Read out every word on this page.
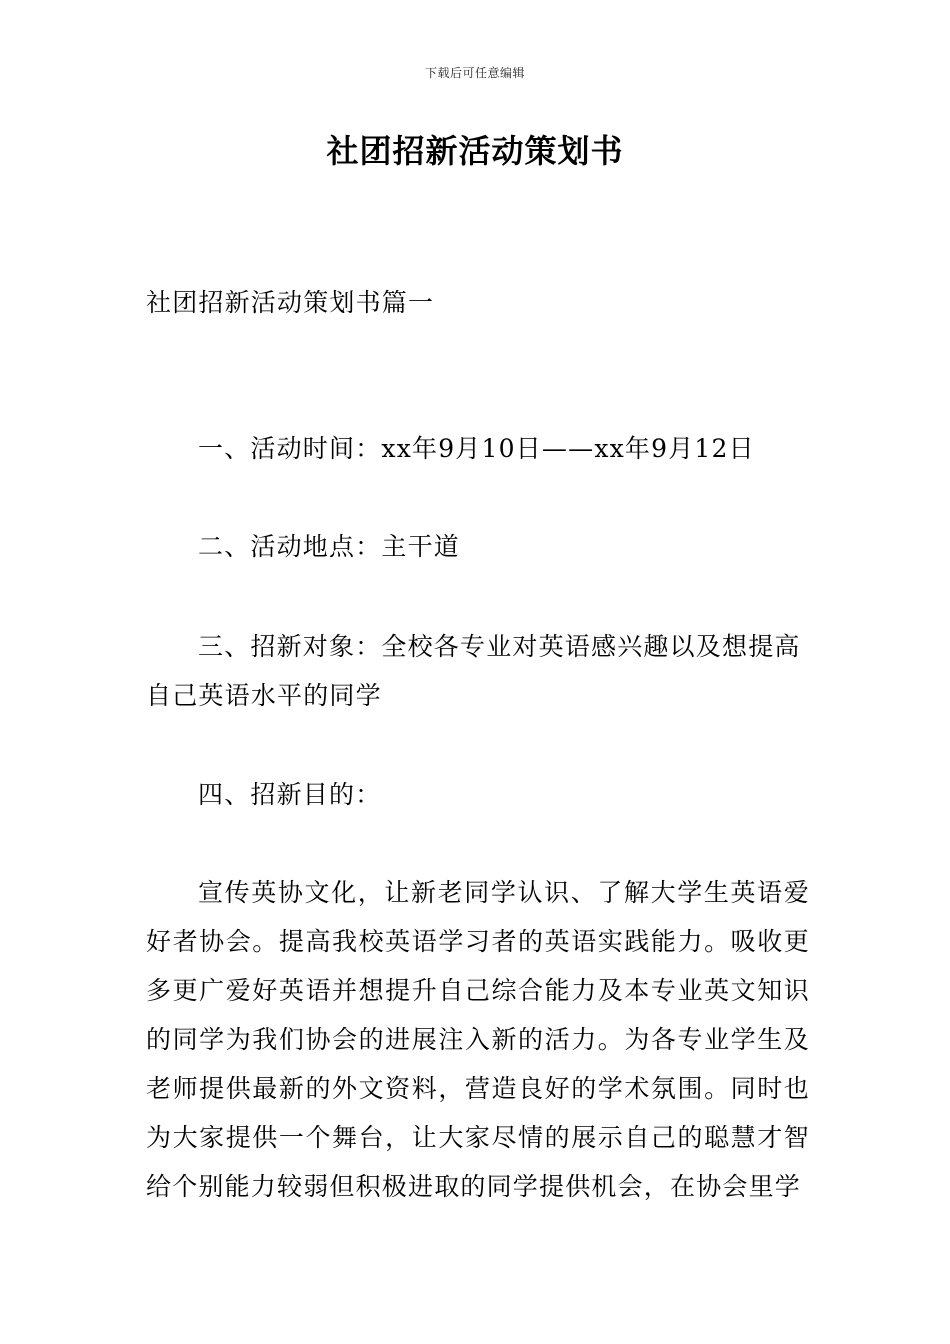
下载后可任意编辑
社团招新活动策划书

社团招新活动策划书篇一

一、活动时间：xx年9月10日——xx年9月12日

二、活动地点：主干道

三、招新对象：全校各专业对英语感兴趣以及想提高自己英语水平的同学

四、招新目的：

宣传英协文化，让新老同学认识、了解大学生英语爱好者协会。提高我校英语学习者的英语实践能力。吸收更多更广爱好英语并想提升自己综合能力及本专业英文知识的同学为我们协会的进展注入新的活力。为各专业学生及老师提供最新的外文资料，营造良好的学术氛围。同时也为大家提供一个舞台，让大家尽情的展示自己的聪慧才智给个别能力较弱但积极进取的同学提供机会，在协会里学
